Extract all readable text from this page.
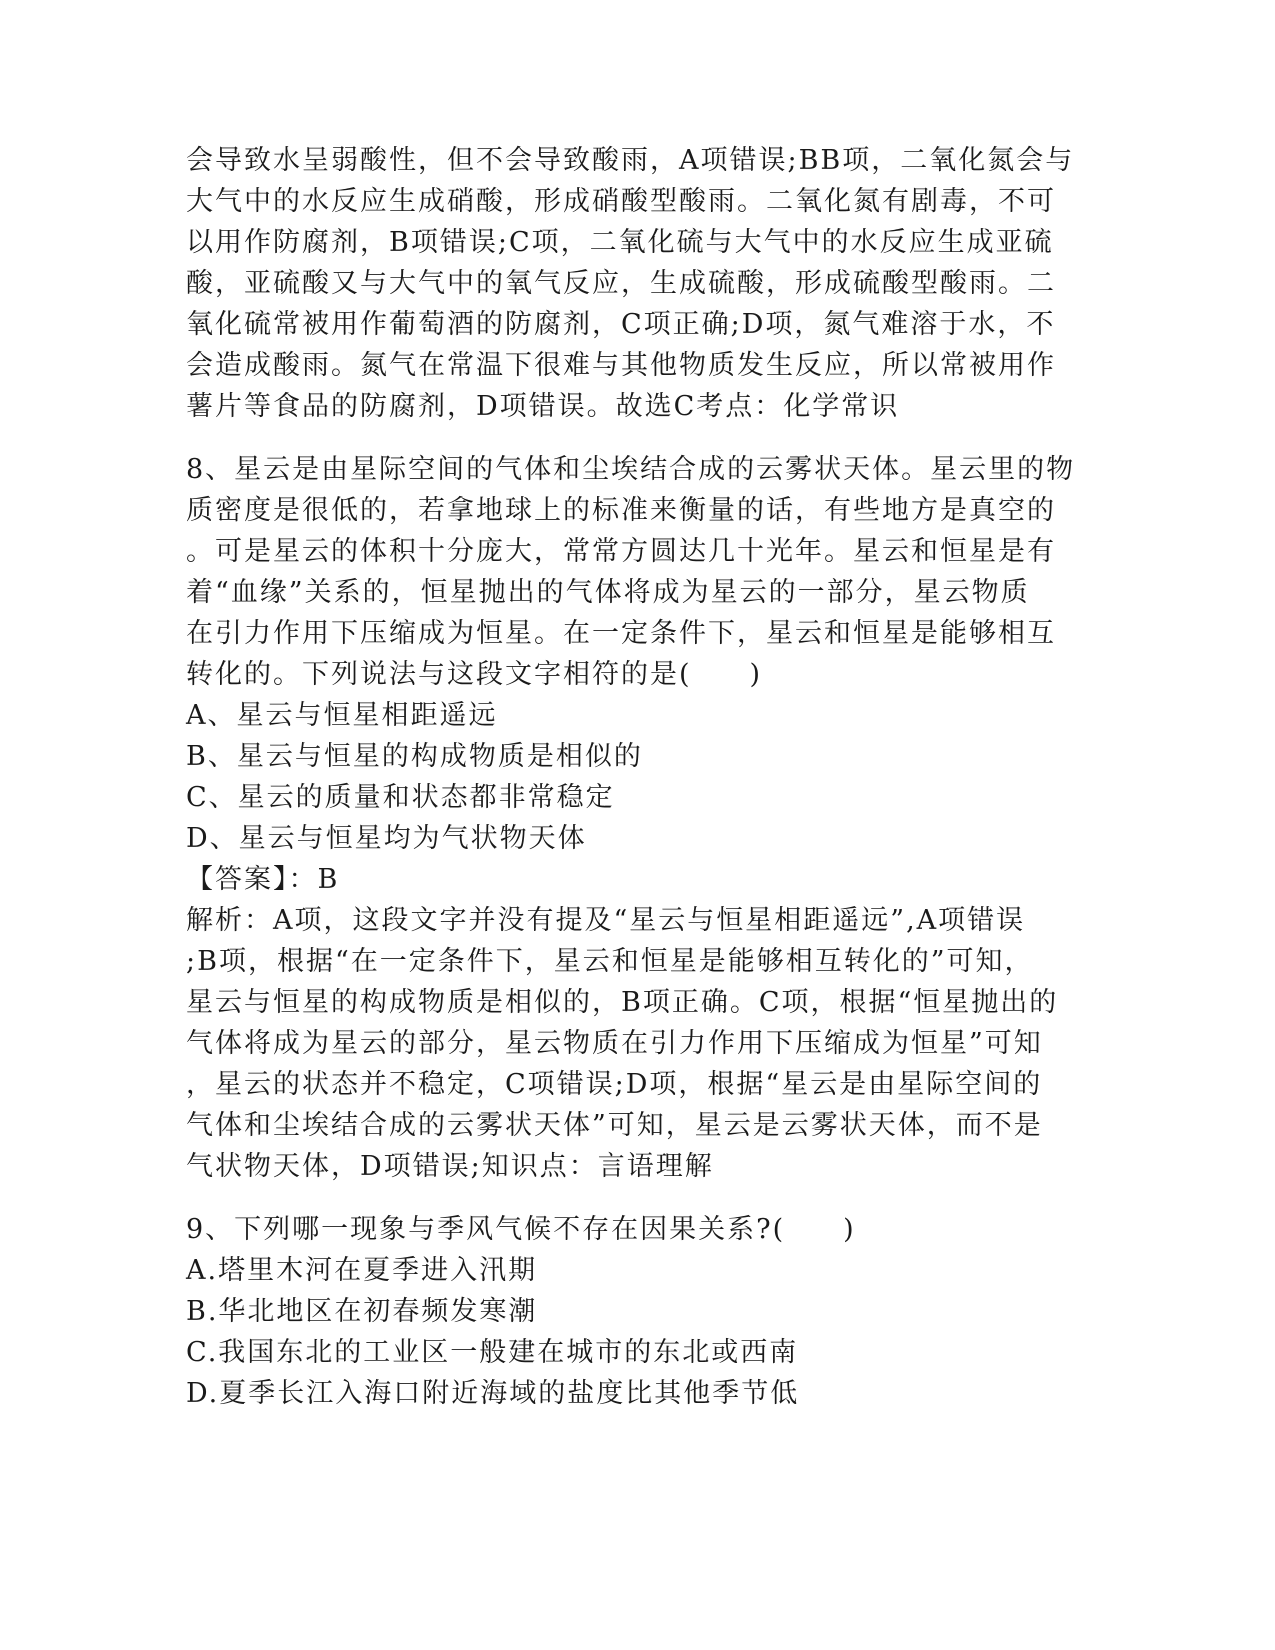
会导致水呈弱酸性，但不会导致酸雨，A项错误;BB项，二氧化氮会与
大气中的水反应生成硝酸，形成硝酸型酸雨。二氧化氮有剧毒，不可
以用作防腐剂，B项错误;C项，二氧化硫与大气中的水反应生成亚硫
酸，亚硫酸又与大气中的氧气反应，生成硫酸，形成硫酸型酸雨。二
氧化硫常被用作葡萄酒的防腐剂，C项正确;D项，氮气难溶于水，不
会造成酸雨。氮气在常温下很难与其他物质发生反应，所以常被用作
薯片等食品的防腐剂，D项错误。故选C考点：化学常识
8、星云是由星际空间的气体和尘埃结合成的云雾状天体。星云里的物
质密度是很低的，若拿地球上的标准来衡量的话，有些地方是真空的
。可是星云的体积十分庞大，常常方圆达几十光年。星云和恒星是有
着“血缘”关系的，恒星抛出的气体将成为星云的一部分，星云物质
在引力作用下压缩成为恒星。在一定条件下，星云和恒星是能够相互
转化的。下列说法与这段文字相符的是(　　)
A、星云与恒星相距遥远
B、星云与恒星的构成物质是相似的
C、星云的质量和状态都非常稳定
D、星云与恒星均为气状物天体
【答案】：B
解析：A项，这段文字并没有提及“星云与恒星相距遥远”,A项错误
;B项，根据“在一定条件下，星云和恒星是能够相互转化的”可知，
星云与恒星的构成物质是相似的，B项正确。C项，根据“恒星抛出的
气体将成为星云的部分，星云物质在引力作用下压缩成为恒星”可知
，星云的状态并不稳定，C项错误;D项，根据“星云是由星际空间的
气体和尘埃结合成的云雾状天体”可知，星云是云雾状天体，而不是
气状物天体，D项错误;知识点：言语理解
9、下列哪一现象与季风气候不存在因果关系?(　　)
A.塔里木河在夏季进入汛期
B.华北地区在初春频发寒潮
C.我国东北的工业区一般建在城市的东北或西南
D.夏季长江入海口附近海域的盐度比其他季节低
